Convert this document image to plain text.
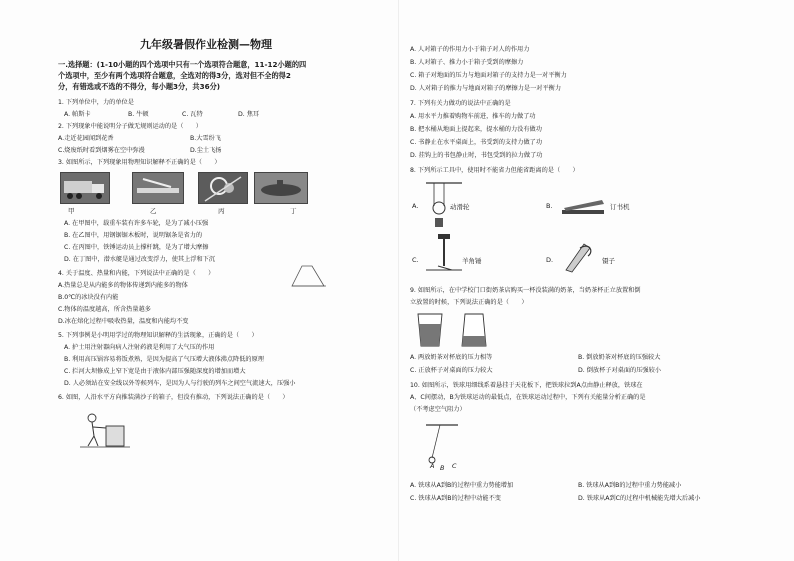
九年级暑假作业检测—物理
一.选择题：(1-10小题的四个选项中只有一个选项符合题意，11-12小题的四
个选项中，至少有两个选项符合题意，全选对的得3分，选对但不全的得2
分，有错选或不选的不得分，每小题3分，共36分)
1. 下列单位中，力的单位是
A. 帕斯卡	B. 牛顿	C. 瓦特	D. 焦耳
2. 下列现象中能说明分子做无规则运动的是（　　）
A.走近花园闻到花香	B.大雪纷飞
C.烧废纸时看到烟雾在空中弥漫	D.尘土飞扬
3. 如图所示，下列现象用物理知识解释不正确的是（　　）
甲	乙	丙	丁
A. 在甲图中，载重车装有许多车轮，是为了减小压强
B. 在乙图中，用钢锯锯木板时，说明锯条是省力的
C. 在丙图中，铁锤运动员上撑杆跳，是为了增大摩擦
D. 在丁图中，潜水艇是通过改变浮力，使其上浮和下沉
4. 关于温度、热量和内能，下列说法中正确的是（　　）
A.热量总是从内能多的物体传递到内能多的物体
B.0℃的冰块没有内能
C.物体的温度越高，所含热量越多
D.冰在熔化过程中吸收热量，温度和内能均不变
5. 下列事例是小明用学过的物理知识解释的生活现象，正确的是（　　）
A. 护士用注射器向病人注射药液是利用了大气压的作用
B. 利用高压锅容易将饭煮熟，是因为提高了气压增大液体沸点降低的原理
C. 拦河大坝修成上窄下宽是由于液体内部压强随深度的增加而增大
D. 人必须站在安全线以外等候列车，是因为人与行驶的列车之间空气流速大，压强小
6. 如图，人沿水平方向推装满沙子的箱子，但没有推动，下列说法正确的是（　　）
A. 人对箱子的作用力小于箱子对人的作用力
B. 人对箱子、推力小于箱子受到的摩擦力
C. 箱子对地面的压力与地面对箱子的支持力是一对平衡力
D. 人对箱子的推力与地面对箱子的摩擦力是一对平衡力
7. 下列有关力做功的说法中正确的是
A. 用水平力推着购物车前进，推车的力做了功
B. 把水桶从地面上提起来，提水桶的力没有做功
C. 书静止在水平桌面上，书受到的支持力做了功
D. 挂钩上的书包静止时，书包受到的拉力做了功
8. 下列所示工具中，使用时不能省力但能省距离的是（　　）
A.	动滑轮	B.	订书机
C.	羊角锤	D.	镊子
9. 如图所示，在中学校门口街奶茶店购买一杯没装满的奶茶，当奶茶杯正立放置和倒
立放置的时候，下列说法正确的是（　　）
A. 两放奶茶对杯底的压力相等	B. 倒放奶茶对杯底的压强较大
C. 正放杯子对桌面的压力较大	D. 倒放杯子对桌面的压强较小
10. 如图所示，铁球用细线系着悬挂于天花板下，把铁球拉到A点由静止释放，铁球在
A、C间摆动，B为铁球运动的最低点，在铁球运动过程中，下列有关能量分析正确的是
（不考虑空气阻力）
A B C
A. 铁球从A到B的过程中重力势能增加	B. 铁球从A到B的过程中重力势能减小
C. 铁球从A到B的过程中动能不变	D. 铁球从A到C的过程中机械能先增大后减小
